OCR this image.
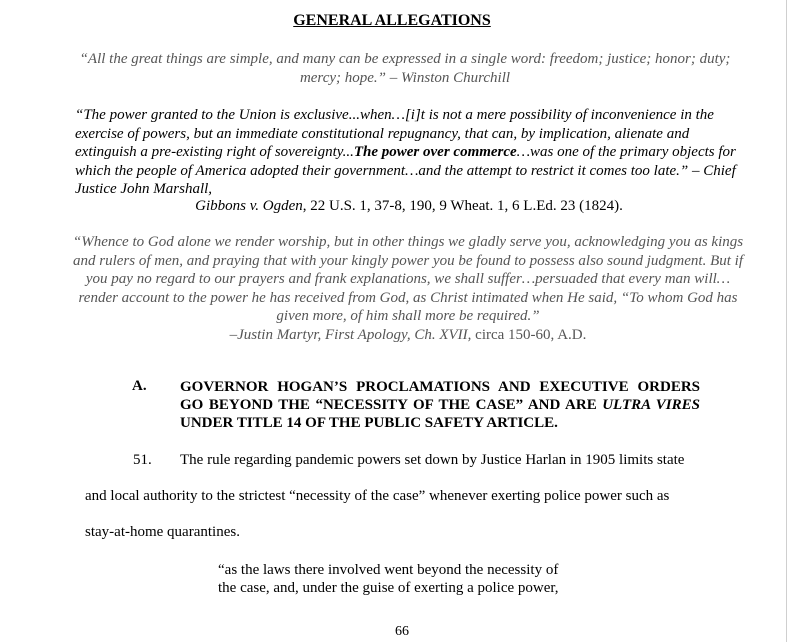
GENERAL ALLEGATIONS
“All the great things are simple, and many can be expressed in a single word: freedom; justice; honor; duty; mercy; hope.” – Winston Churchill
“The power granted to the Union is exclusive...when…[i]t is not a mere possibility of inconvenience in the exercise of powers, but an immediate constitutional repugnancy, that can, by implication, alienate and extinguish a pre-existing right of sovereignty...The power over commerce…was one of the primary objects for which the people of America adopted their government…and the attempt to restrict it comes too late.” – Chief Justice John Marshall,
Gibbons v. Ogden, 22 U.S. 1, 37-8, 190, 9 Wheat. 1, 6 L.Ed. 23 (1824).
“Whence to God alone we render worship, but in other things we gladly serve you, acknowledging you as kings and rulers of men, and praying that with your kingly power you be found to possess also sound judgment. But if you pay no regard to our prayers and frank explanations, we shall suffer…persuaded that every man will…render account to the power he has received from God, as Christ intimated when He said, “To whom God has given more, of him shall more be required.”
–Justin Martyr, First Apology, Ch. XVII, circa 150-60, A.D.
A. GOVERNOR HOGAN’S PROCLAMATIONS AND EXECUTIVE ORDERS GO BEYOND THE “NECESSITY OF THE CASE” AND ARE ULTRA VIRES UNDER TITLE 14 OF THE PUBLIC SAFETY ARTICLE.
51. The rule regarding pandemic powers set down by Justice Harlan in 1905 limits state
and local authority to the strictest “necessity of the case” whenever exerting police power such as
stay-at-home quarantines.
“as the laws there involved went beyond the necessity of
the case, and, under the guise of exerting a police power,
66
